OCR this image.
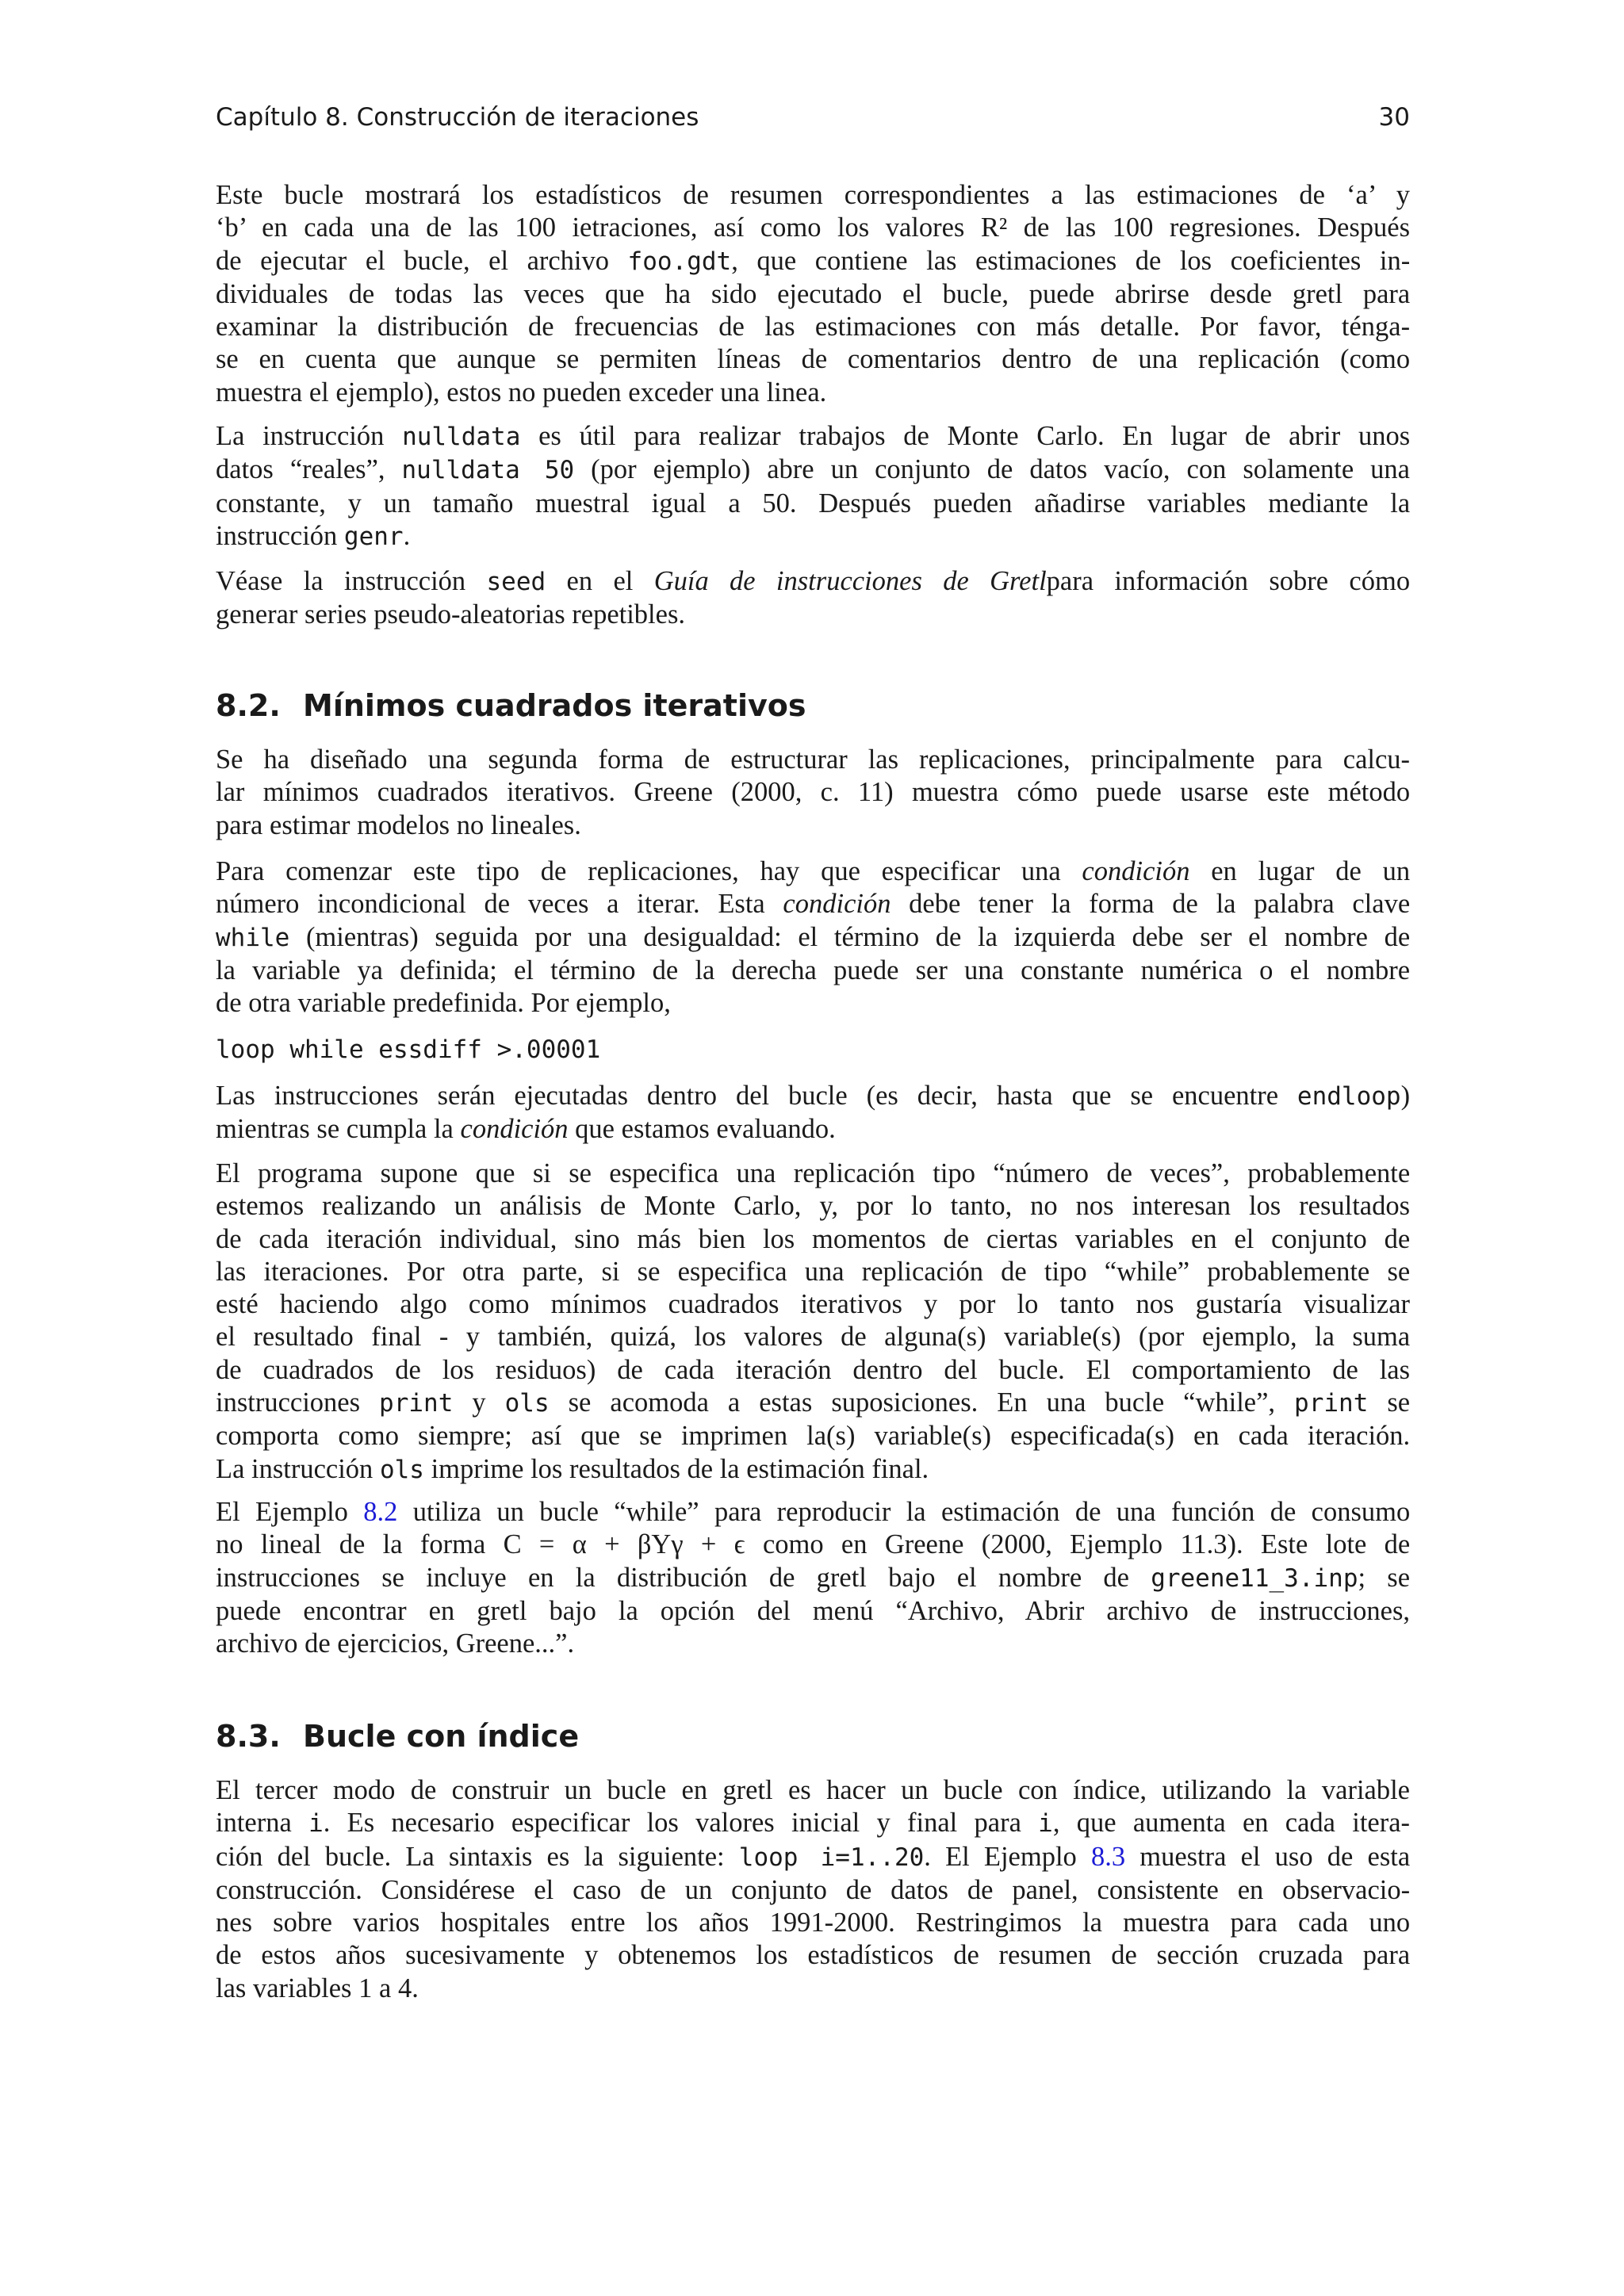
Capítulo 8. Construcción de iteraciones	30
Este bucle mostrará los estadísticos de resumen correspondientes a las estimaciones de ‘a’ y
‘b’ en cada una de las 100 ietraciones, así como los valores R² de las 100 regresiones. Después
de ejecutar el bucle, el archivo foo.gdt, que contiene las estimaciones de los coeficientes in-
dividuales de todas las veces que ha sido ejecutado el bucle, puede abrirse desde gretl para
examinar la distribución de frecuencias de las estimaciones con más detalle. Por favor, ténga-
se en cuenta que aunque se permiten líneas de comentarios dentro de una replicación (como
muestra el ejemplo), estos no pueden exceder una linea.
La instrucción nulldata es útil para realizar trabajos de Monte Carlo. En lugar de abrir unos
datos “reales”, nulldata 50 (por ejemplo) abre un conjunto de datos vacío, con solamente una
constante, y un tamaño muestral igual a 50. Después pueden añadirse variables mediante la
instrucción genr.
Véase la instrucción seed en el Guía de instrucciones de Gretlpara información sobre cómo
generar series pseudo-aleatorias repetibles.
8.2. Mínimos cuadrados iterativos
Se ha diseñado una segunda forma de estructurar las replicaciones, principalmente para calcu-
lar mínimos cuadrados iterativos. Greene (2000, c. 11) muestra cómo puede usarse este método
para estimar modelos no lineales.
Para comenzar este tipo de replicaciones, hay que especificar una condición en lugar de un
número incondicional de veces a iterar. Esta condición debe tener la forma de la palabra clave
while (mientras) seguida por una desigualdad: el término de la izquierda debe ser el nombre de
la variable ya definida; el término de la derecha puede ser una constante numérica o el nombre
de otra variable predefinida. Por ejemplo,
loop while essdiff >.00001
Las instrucciones serán ejecutadas dentro del bucle (es decir, hasta que se encuentre endloop)
mientras se cumpla la condición que estamos evaluando.
El programa supone que si se especifica una replicación tipo “número de veces”, probablemente
estemos realizando un análisis de Monte Carlo, y, por lo tanto, no nos interesan los resultados
de cada iteración individual, sino más bien los momentos de ciertas variables en el conjunto de
las iteraciones. Por otra parte, si se especifica una replicación de tipo “while” probablemente se
esté haciendo algo como mínimos cuadrados iterativos y por lo tanto nos gustaría visualizar
el resultado final - y también, quizá, los valores de alguna(s) variable(s) (por ejemplo, la suma
de cuadrados de los residuos) de cada iteración dentro del bucle. El comportamiento de las
instrucciones print y ols se acomoda a estas suposiciones. En una bucle “while”, print se
comporta como siempre; así que se imprimen la(s) variable(s) especificada(s) en cada iteración.
La instrucción ols imprime los resultados de la estimación final.
El Ejemplo 8.2 utiliza un bucle “while” para reproducir la estimación de una función de consumo
no lineal de la forma C = α + βYγ + ϵ como en Greene (2000, Ejemplo 11.3). Este lote de
instrucciones se incluye en la distribución de gretl bajo el nombre de greene11_3.inp; se
puede encontrar en gretl bajo la opción del menú “Archivo, Abrir archivo de instrucciones,
archivo de ejercicios, Greene...”.
8.3. Bucle con índice
El tercer modo de construir un bucle en gretl es hacer un bucle con índice, utilizando la variable
interna i. Es necesario especificar los valores inicial y final para i, que aumenta en cada itera-
ción del bucle. La sintaxis es la siguiente: loop i=1..20. El Ejemplo 8.3 muestra el uso de esta
construcción. Considérese el caso de un conjunto de datos de panel, consistente en observacio-
nes sobre varios hospitales entre los años 1991-2000. Restringimos la muestra para cada uno
de estos años sucesivamente y obtenemos los estadísticos de resumen de sección cruzada para
las variables 1 a 4.
